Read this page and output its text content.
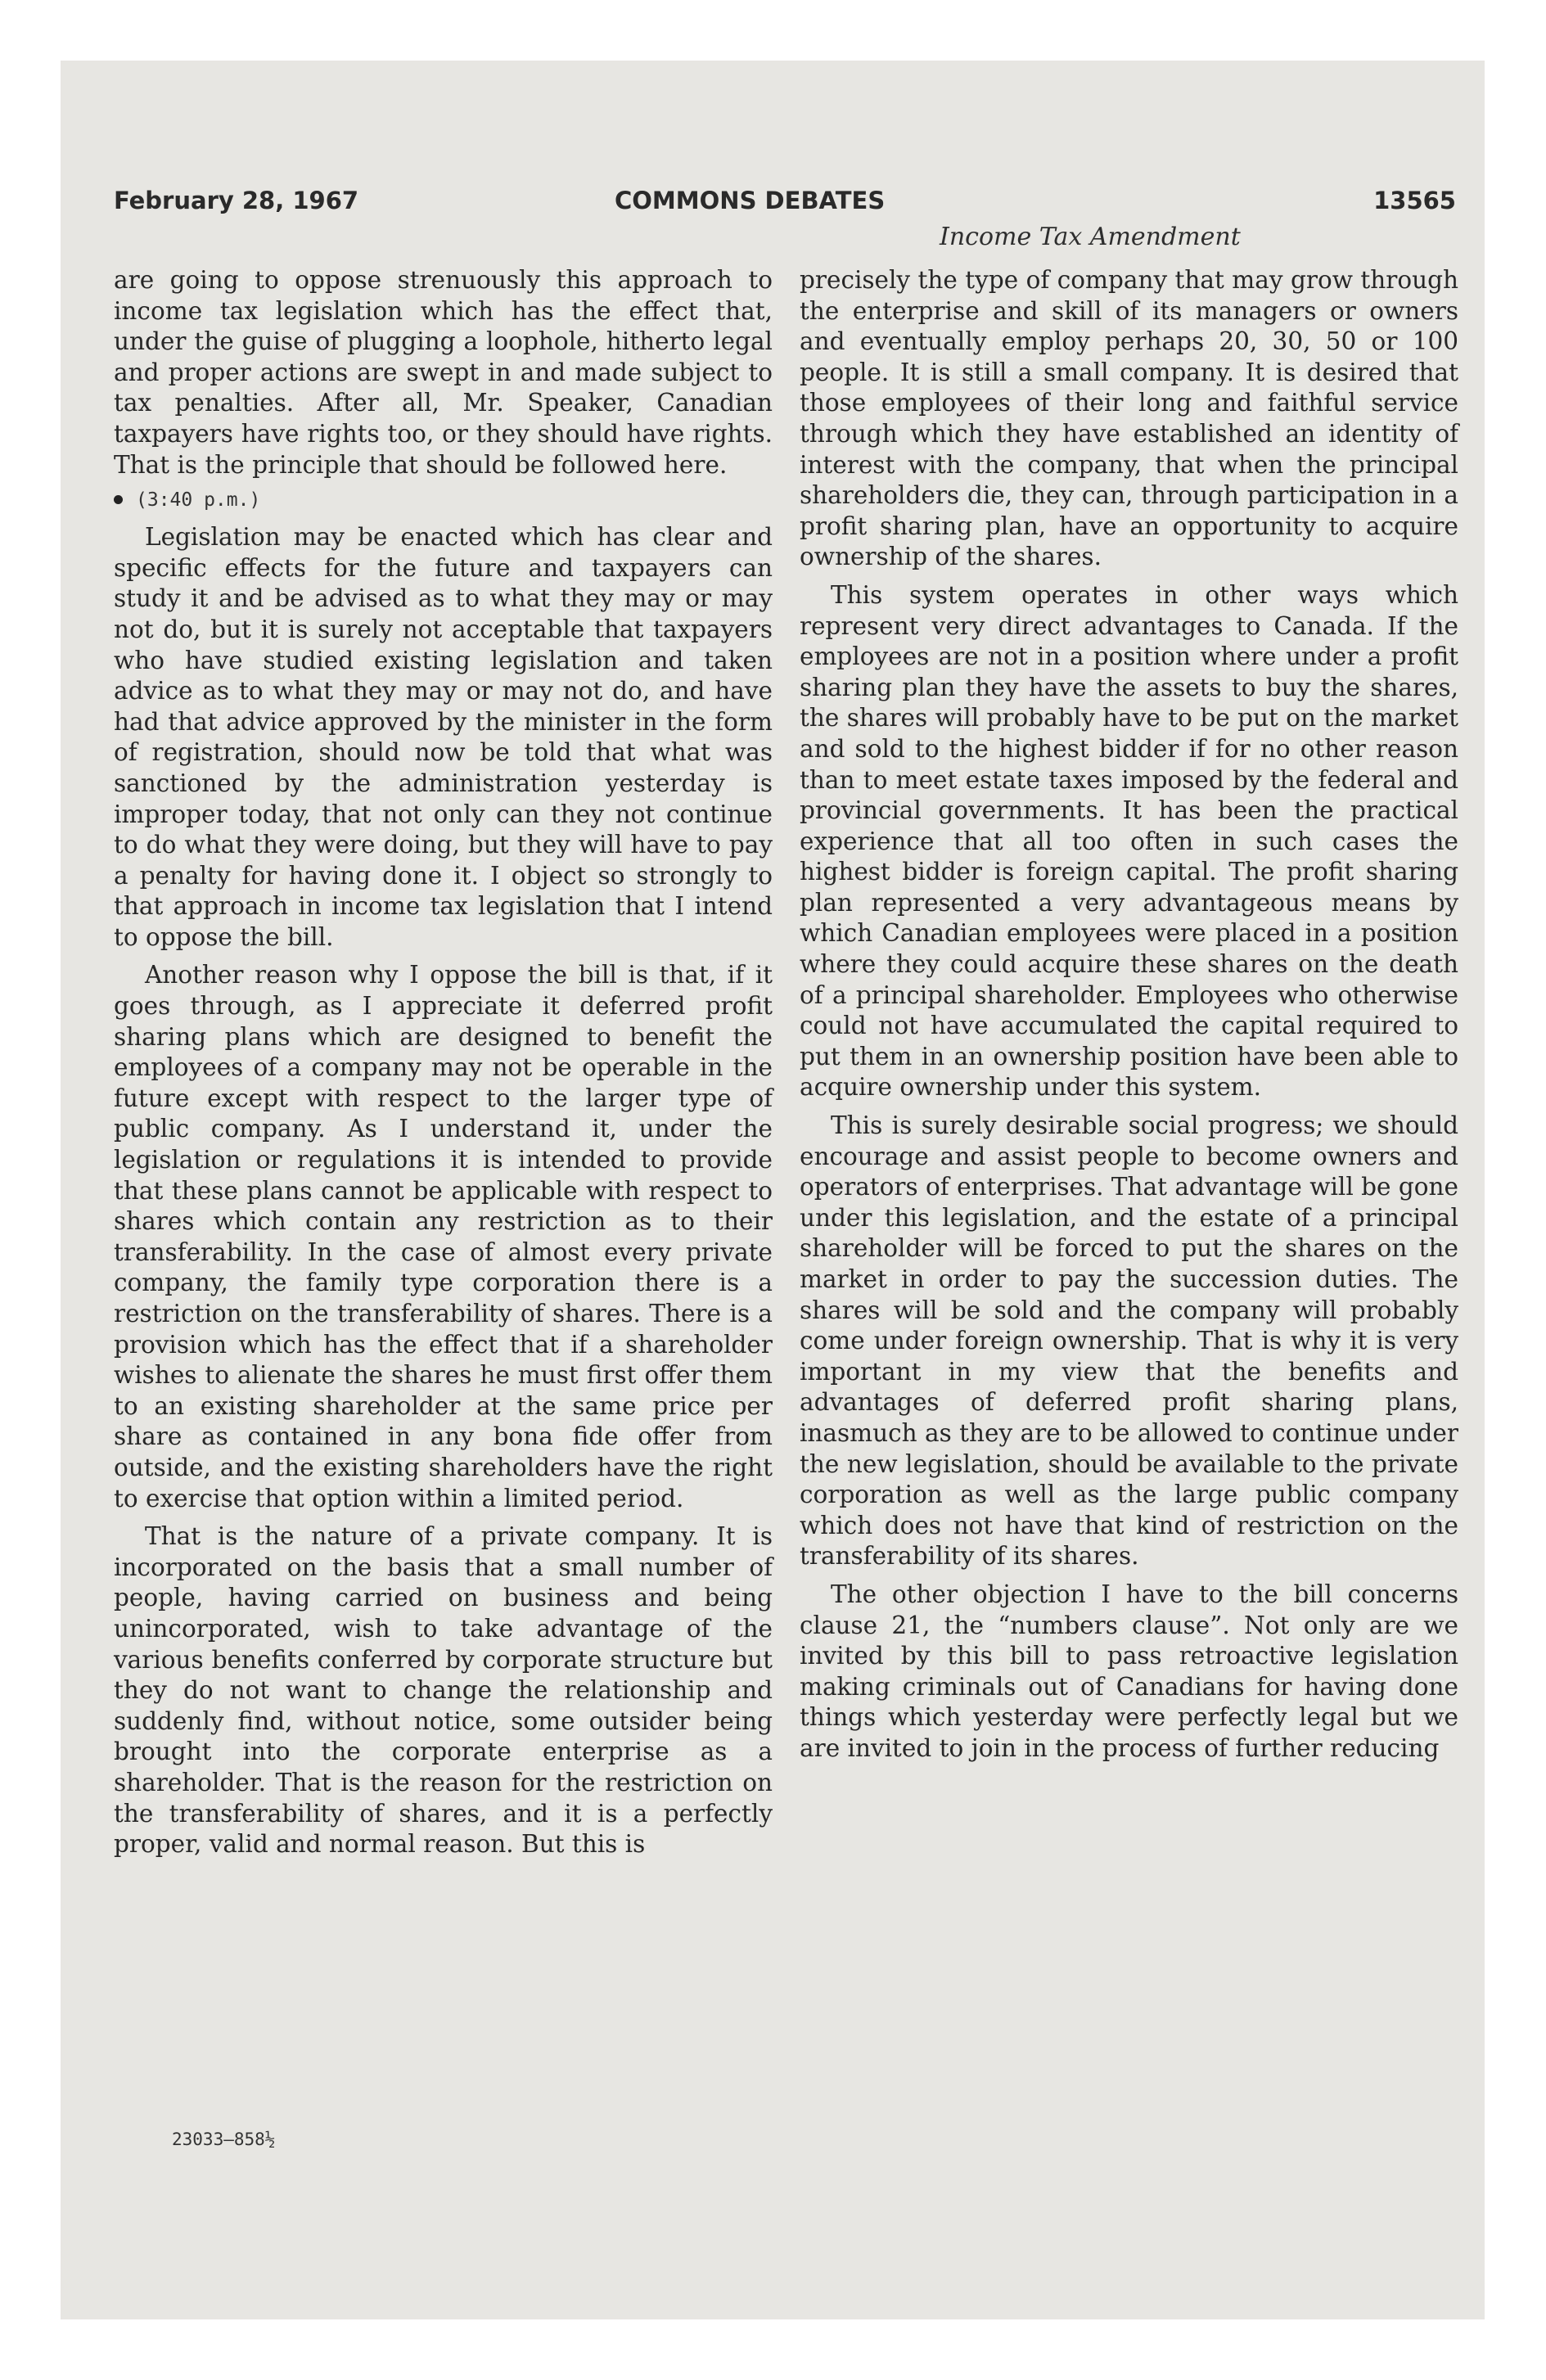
February 28, 1967	COMMONS DEBATES	13565
Income Tax Amendment

are going to oppose strenuously this approach to income tax legislation which has the effect that, under the guise of plugging a loophole, hitherto legal and proper actions are swept in and made subject to tax penalties. After all, Mr. Speaker, Canadian taxpayers have rights too, or they should have rights. That is the principle that should be followed here.

(3:40 p.m.)

Legislation may be enacted which has clear and specific effects for the future and taxpayers can study it and be advised as to what they may or may not do, but it is surely not acceptable that taxpayers who have studied existing legislation and taken advice as to what they may or may not do, and have had that advice approved by the minister in the form of registration, should now be told that what was sanctioned by the administration yesterday is improper today, that not only can they not continue to do what they were doing, but they will have to pay a penalty for having done it. I object so strongly to that approach in income tax legislation that I intend to oppose the bill.

Another reason why I oppose the bill is that, if it goes through, as I appreciate it deferred profit sharing plans which are designed to benefit the employees of a company may not be operable in the future except with respect to the larger type of public company. As I understand it, under the legislation or regulations it is intended to provide that these plans cannot be applicable with respect to shares which contain any restriction as to their transferability. In the case of almost every private company, the family type corporation there is a restriction on the transferability of shares. There is a provision which has the effect that if a shareholder wishes to alienate the shares he must first offer them to an existing shareholder at the same price per share as contained in any bona fide offer from outside, and the existing shareholders have the right to exercise that option within a limited period.

That is the nature of a private company. It is incorporated on the basis that a small number of people, having carried on business and being unincorporated, wish to take advantage of the various benefits conferred by corporate structure but they do not want to change the relationship and suddenly find, without notice, some outsider being brought into the corporate enterprise as a shareholder. That is the reason for the restriction on the transferability of shares, and it is a perfectly proper, valid and normal reason. But this is

precisely the type of company that may grow through the enterprise and skill of its managers or owners and eventually employ perhaps 20, 30, 50 or 100 people. It is still a small company. It is desired that those employees of their long and faithful service through which they have established an identity of interest with the company, that when the principal shareholders die, they can, through participation in a profit sharing plan, have an opportunity to acquire ownership of the shares.

This system operates in other ways which represent very direct advantages to Canada. If the employees are not in a position where under a profit sharing plan they have the assets to buy the shares, the shares will probably have to be put on the market and sold to the highest bidder if for no other reason than to meet estate taxes imposed by the federal and provincial governments. It has been the practical experience that all too often in such cases the highest bidder is foreign capital. The profit sharing plan represented a very advantageous means by which Canadian employees were placed in a position where they could acquire these shares on the death of a principal shareholder. Employees who otherwise could not have accumulated the capital required to put them in an ownership position have been able to acquire ownership under this system.

This is surely desirable social progress; we should encourage and assist people to become owners and operators of enterprises. That advantage will be gone under this legislation, and the estate of a principal shareholder will be forced to put the shares on the market in order to pay the succession duties. The shares will be sold and the company will probably come under foreign ownership. That is why it is very important in my view that the benefits and advantages of deferred profit sharing plans, inasmuch as they are to be allowed to continue under the new legislation, should be available to the private corporation as well as the large public company which does not have that kind of restriction on the transferability of its shares.

The other objection I have to the bill concerns clause 21, the “numbers clause”. Not only are we invited by this bill to pass retroactive legislation making criminals out of Canadians for having done things which yesterday were perfectly legal but we are invited to join in the process of further reducing

23033—858½
